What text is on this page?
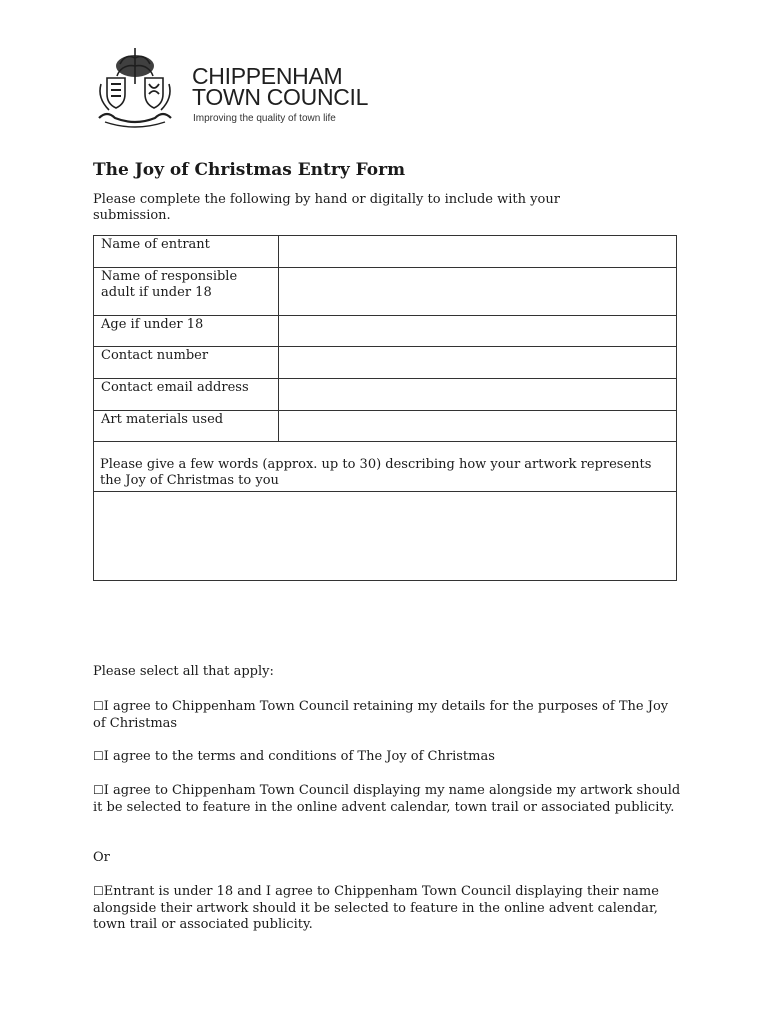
CHIPPENHAM
TOWN COUNCIL
Improving the quality of town life
The Joy of Christmas Entry Form

Please complete the following by hand or digitally to include with your submission.

Name of entrant	
Name of responsible adult if under 18	
Age if under 18	
Contact number	
Contact email address	
Art materials used	
Please give a few words (approx. up to 30) describing how your artwork represents the Joy of Christmas to you	

Please select all that apply:

☐I agree to Chippenham Town Council retaining my details for the purposes of The Joy of Christmas

☐I agree to the terms and conditions of The Joy of Christmas

☐I agree to Chippenham Town Council displaying my name alongside my artwork should it be selected to feature in the online advent calendar, town trail or associated publicity.

Or

☐Entrant is under 18 and I agree to Chippenham Town Council displaying their name alongside their artwork should it be selected to feature in the online advent calendar, town trail or associated publicity.
